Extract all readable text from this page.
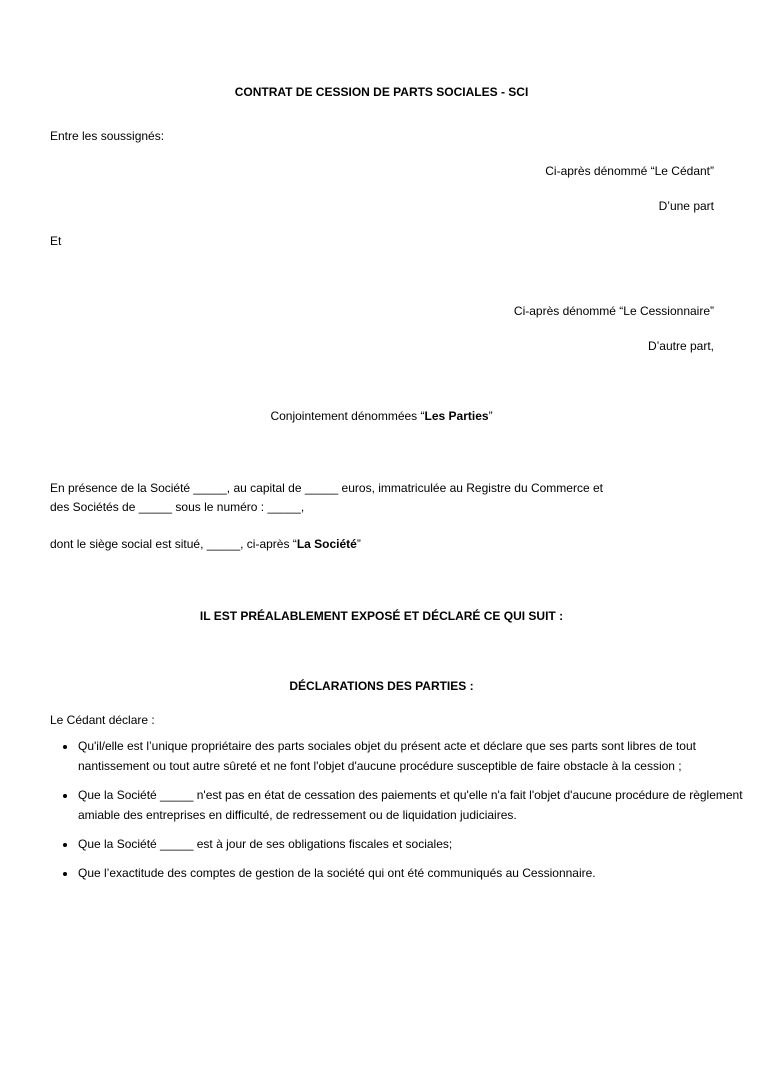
CONTRAT DE CESSION DE PARTS SOCIALES - SCI

Entre les soussignés:

Ci-après dénommé “Le Cédant”

D’une part

Et

Ci-après dénommé “Le Cessionnaire”

D’autre part,

Conjointement dénommées “Les Parties”

En présence de la Société _____, au capital de _____ euros, immatriculée au Registre du Commerce et

des Sociétés de _____ sous le numéro : _____,

dont le siège social est situé, _____, ci-après “La Société”

IL EST PRÉALABLEMENT EXPOSÉ ET DÉCLARÉ CE QUI SUIT :

DÉCLARATIONS DES PARTIES :

Le Cédant déclare :

Qu'il/elle est l’unique propriétaire des parts sociales objet du présent acte et déclare que ses parts sont libres de tout nantissement ou tout autre sûreté et ne font l'objet d'aucune procédure susceptible de faire obstacle à la cession ;
Que la Société _____ n'est pas en état de cessation des paiements et qu'elle n'a fait l'objet d'aucune procédure de règlement amiable des entreprises en difficulté, de redressement ou de liquidation judiciaires.
Que la Société _____ est à jour de ses obligations fiscales et sociales;
Que l’exactitude des comptes de gestion de la société qui ont été communiqués au Cessionnaire.
